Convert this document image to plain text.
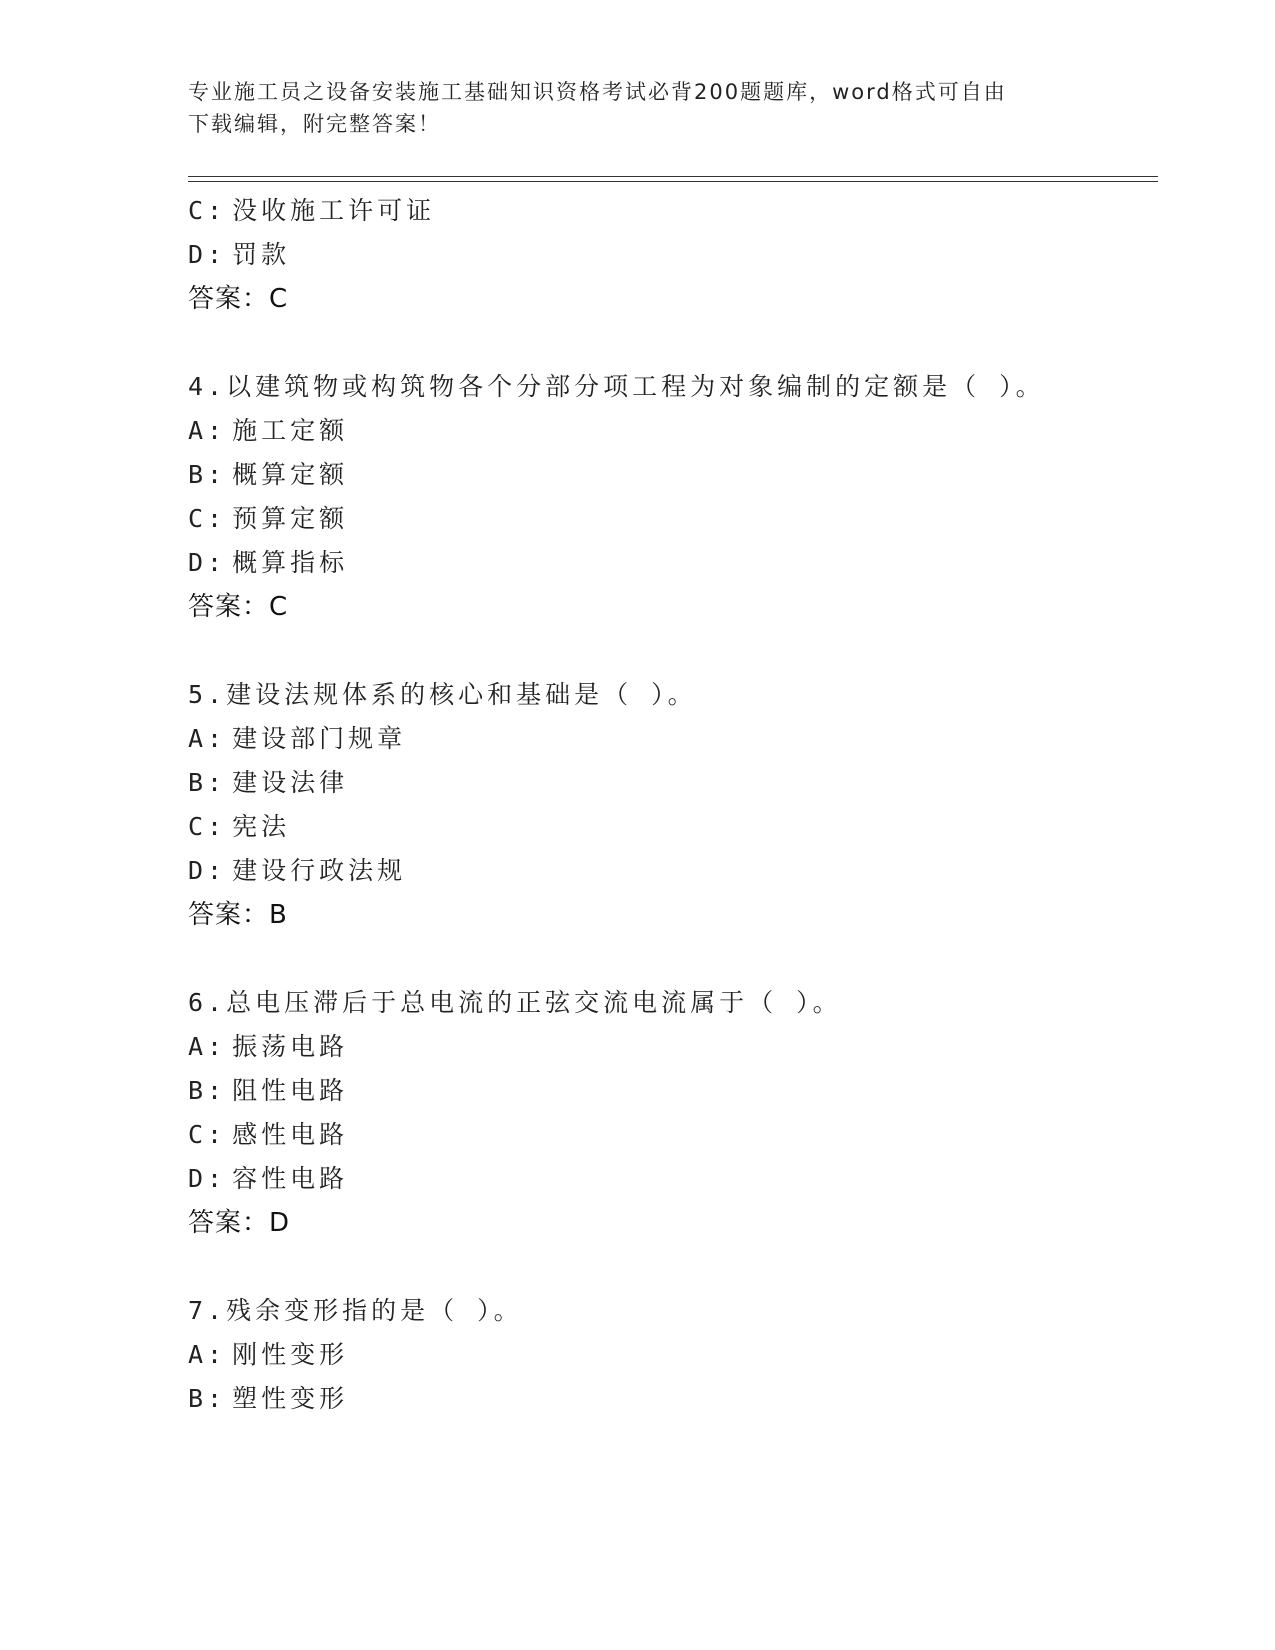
专业施工员之设备安装施工基础知识资格考试必背200题题库，word格式可自由
下载编辑，附完整答案！
C: 没收施工许可证
D: 罚款
答案：C
4.以建筑物或构筑物各个分部分项工程为对象编制的定额是（ ）。
A: 施工定额
B: 概算定额
C: 预算定额
D: 概算指标
答案：C
5.建设法规体系的核心和基础是（ ）。
A: 建设部门规章
B: 建设法律
C: 宪法
D: 建设行政法规
答案：B
6.总电压滞后于总电流的正弦交流电流属于（ ）。
A: 振荡电路
B: 阻性电路
C: 感性电路
D: 容性电路
答案：D
7.残余变形指的是（ ）。
A: 刚性变形
B: 塑性变形
